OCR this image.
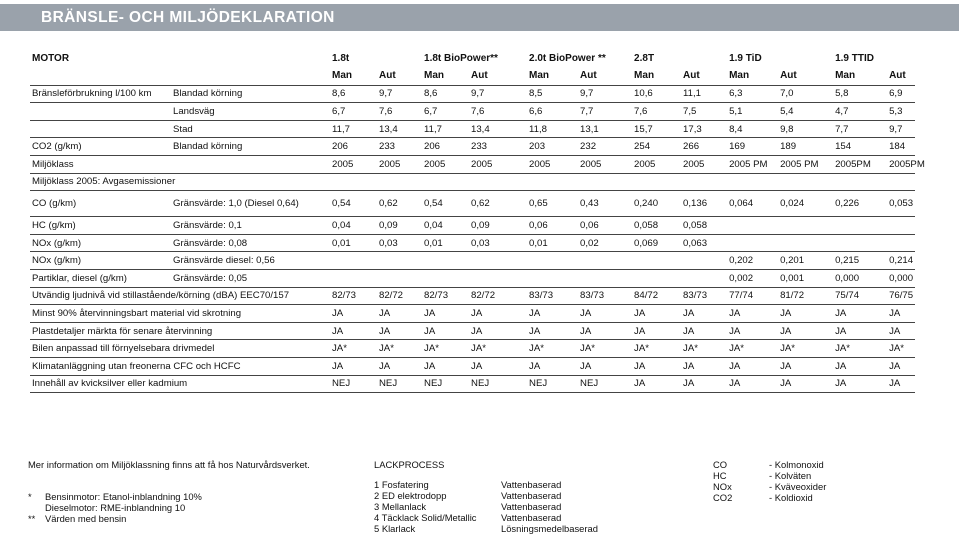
BRÄNSLE- OCH MILJÖDEKLARATION
MOTOR		1.8t		1.8t BioPower**		2.0t BioPower **		2.8T		1.9 TiD		1.9 TTID	
		Man	Aut	Man	Aut	Man	Aut	Man	Aut	Man	Aut	Man	Aut
Bränsleförbrukning l/100 km	Blandad körning	8,6	9,7	8,6	9,7	8,5	9,7	10,6	11,1	6,3	7,0	5,8	6,9
	Landsväg	6,7	7,6	6,7	7,6	6,6	7,7	7,6	7,5	5,1	5,4	4,7	5,3
	Stad	11,7	13,4	11,7	13,4	11,8	13,1	15,7	17,3	8,4	9,8	7,7	9,7
CO2 (g/km)	Blandad körning	206	233	206	233	203	232	254	266	169	189	154	184
Miljöklass		2005	2005	2005	2005	2005	2005	2005	2005	2005 PM	2005 PM	2005PM	2005PM
Miljöklass 2005: Avgasemissioner													
CO (g/km)	Gränsvärde: 1,0 (Diesel 0,64)	0,54	0,62	0,54	0,62	0,65	0,43	0,240	0,136	0,064	0,024	0,226	0,053
HC (g/km)	Gränsvärde: 0,1	0,04	0,09	0,04	0,09	0,06	0,06	0,058	0,058				
NOx (g/km)	Gränsvärde: 0,08	0,01	0,03	0,01	0,03	0,01	0,02	0,069	0,063				
NOx (g/km)	Gränsvärde diesel: 0,56									0,202	0,201	0,215	0,214
Partiklar, diesel (g/km)	Gränsvärde: 0,05									0,002	0,001	0,000	0,000
Utvändig ljudnivå vid stillastående/körning (dBA) EEC70/157		82/73	82/72	82/73	82/72	83/73	83/73	84/72	83/73	77/74	81/72	75/74	76/75
Minst 90% återvinningsbart material vid skrotning		JA	JA	JA	JA	JA	JA	JA	JA	JA	JA	JA	JA
Plastdetaljer märkta för senare återvinning		JA	JA	JA	JA	JA	JA	JA	JA	JA	JA	JA	JA
Bilen anpassad till förnyelsebara drivmedel		JA*	JA*	JA*	JA*	JA*	JA*	JA*	JA*	JA*	JA*	JA*	JA*
Klimatanläggning utan freonerna CFC och HCFC		JA	JA	JA	JA	JA	JA	JA	JA	JA	JA	JA	JA
Innehåll av kvicksilver eller kadmium		NEJ	NEJ	NEJ	NEJ	NEJ	NEJ	JA	JA	JA	JA	JA	JA
Mer information om Miljöklassning finns att få hos Naturvårdsverket.
* Bensinmotor: Etanol-inblandning 10%
Dieselmotor: RME-inblandning 10
** Värden med bensin
LACKPROCESS
1 Fosfatering	Vattenbaserad
2 ED elektrodopp	Vattenbaserad
3 Mellanlack	Vattenbaserad
4 Täcklack Solid/Metallic	Vattenbaserad
5 Klarlack	Lösningsmedelbaserad
CO	- Kolmonoxid
HC	- Kolväten
NOx	- Kväveoxider
CO2	- Koldioxid
